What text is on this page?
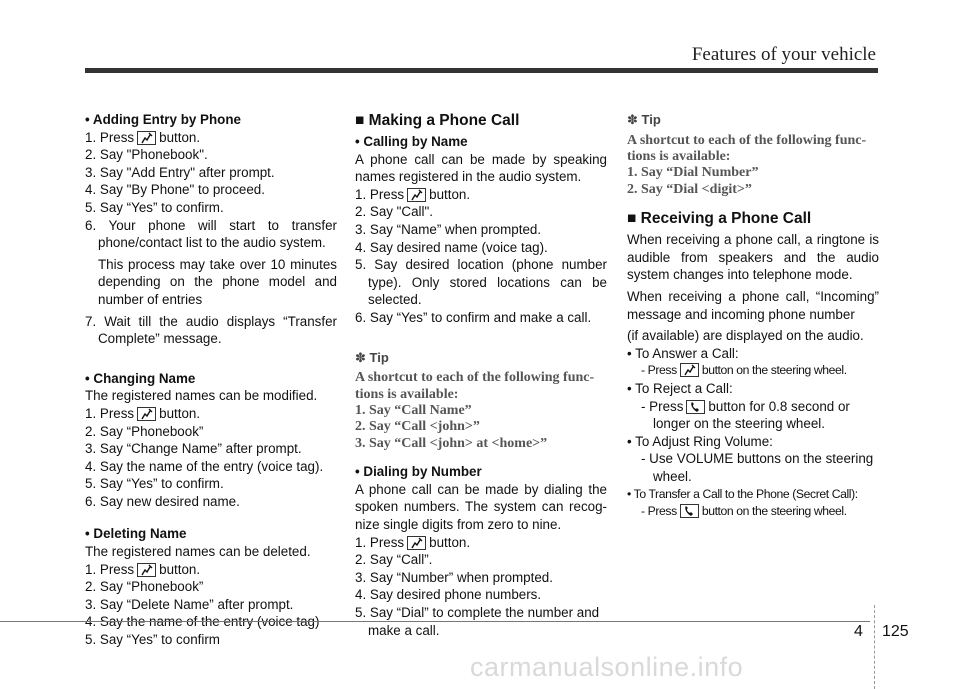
Features of your vehicle

• Adding Entry by Phone

1. Press button.

2. Say "Phonebook".

3. Say "Add Entry" after prompt.

4. Say "By Phone" to proceed.

5. Say “Yes” to confirm.

6. Your phone will start to transfer phone/contact list to the audio system.

This process may take over 10 minutes depending on the phone model and number of entries

7. Wait till the audio displays “Transfer Complete” message.

• Changing Name

The registered names can be modified.

1. Press button.

2. Say “Phonebook”

3. Say “Change Name” after prompt.

4. Say the name of the entry (voice tag).

5. Say “Yes” to confirm.

6. Say new desired name.

• Deleting Name

The registered names can be deleted.

1. Press button.

2. Say “Phonebook”

3. Say “Delete Name” after prompt.

5. Say “Yes” to confirm

■ Making a Phone Call

• Calling by Name

A phone call can be made by speaking names registered in the audio system.

1. Press button.

2. Say "Call".

3. Say “Name” when prompted.

4. Say desired name (voice tag).

5. Say desired location (phone number type). Only stored locations can be selected.

6. Say “Yes” to confirm and make a call.

✽ Tip

A shortcut to each of the following func-tions is available:

1. Say “Call Name”

2. Say “Call <john>”

3. Say “Call <john> at <home>”

• Dialing by Number

A phone call can be made by dialing the spoken numbers. The system can recog-nize single digits from zero to nine.

1. Press button.

2. Say “Call”.

3. Say “Number” when prompted.

4. Say desired phone numbers.

5. Say “Dial” to complete the number and make a call.

✽ Tip

A shortcut to each of the following func-tions is available:

1. Say “Dial Number”

2. Say “Dial <digit>”

■ Receiving a Phone Call

When receiving a phone call, a ringtone is audible from speakers and the audio system changes into telephone mode.

When receiving a phone call, “Incoming” message and incoming phone number

(if available) are displayed on the audio.

• To Answer a Call:

- Press button on the steering wheel.

• To Reject a Call:

- Press button for 0.8 second or longer on the steering wheel.

• To Adjust Ring Volume:

- Use VOLUME buttons on the steering wheel.

• To Transfer a Call to the Phone (Secret Call):

- Press button on the steering wheel.

4 125
carmanualsonline.info
